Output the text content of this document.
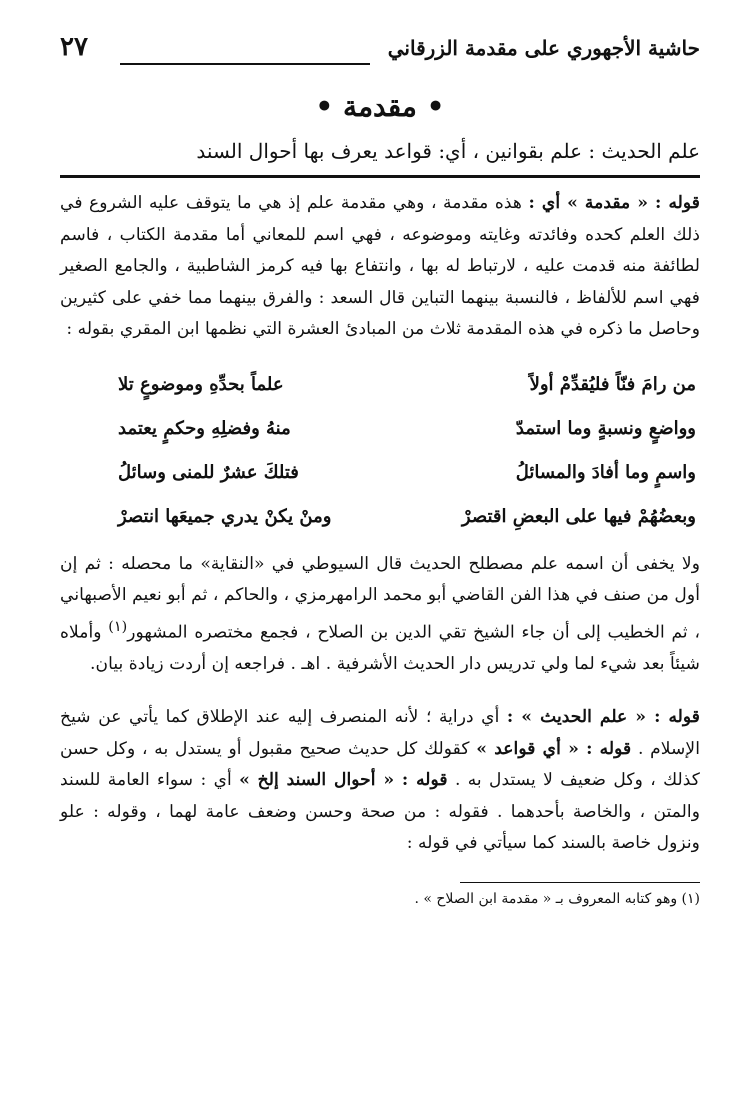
حاشية الأجهوري على مقدمة الزرقاني
٢٧
• مقدمة •
علم الحديث : علم بقوانين ، أي: قواعد يعرف بها أحوال السند

قوله : « مقدمة » أي : هذه مقدمة ، وهي مقدمة علم إذ هي ما يتوقف عليه الشروع في ذلك العلم كحده وفائدته وغايته وموضوعه ، فهي اسم للمعاني أما مقدمة الكتاب ، فاسم لطائفة منه قدمت عليه ، لارتباط له بها ، وانتفاع بها فيه كرمز الشاطبية ، والجامع الصغير فهي اسم للألفاظ ، فالنسبة بينهما التباين قال السعد : والفرق بينهما مما خفي على كثيرين وحاصل ما ذكره في هذه المقدمة ثلاث من المبادئ العشرة التي نظمها ابن المقري بقوله :

من رامَ فنّاً فليُقدِّمْ أولاً
علماً بحدِّهِ وموضوعٍ تلا
وواضعٍ ونسبةٍ وما استمدّ
منهُ وفضلِهِ وحكمٍ يعتمد
واسمٍ وما أفادَ والمسائلُ
فتلكَ عشرٌ للمنى وسائلُ
وبعضُهُمْ فيها على البعضِ اقتصرْ
ومنْ يكنْ يدري جميعَها انتصرْ

ولا يخفى أن اسمه علم مصطلح الحديث قال السيوطي في «النقاية» ما محصله : ثم إن أول من صنف في هذا الفن القاضي أبو محمد الرامهرمزي ، والحاكم ، ثم أبو نعيم الأصبهاني ، ثم الخطيب إلى أن جاء الشيخ تقي الدين بن الصلاح ، فجمع مختصره المشهور$^{(١)}$ وأملاه شيئاً بعد شيء لما ولي تدريس دار الحديث الأشرفية . اهـ . فراجعه إن أردت زيادة بيان.

قوله : « علم الحديث » : أي دراية ؛ لأنه المنصرف إليه عند الإطلاق كما يأتي عن شيخ الإسلام . قوله : « أي قواعد » كقولك كل حديث صحيح مقبول أو يستدل به ، وكل حسن كذلك ، وكل ضعيف لا يستدل به . قوله : « أحوال السند إلخ » أي : سواء العامة للسند والمتن ، والخاصة بأحدهما . فقوله : من صحة وحسن وضعف عامة لهما ، وقوله : علو ونزول خاصة بالسند كما سيأتي في قوله :

(١) وهو كتابه المعروف بـ « مقدمة ابن الصلاح » .
